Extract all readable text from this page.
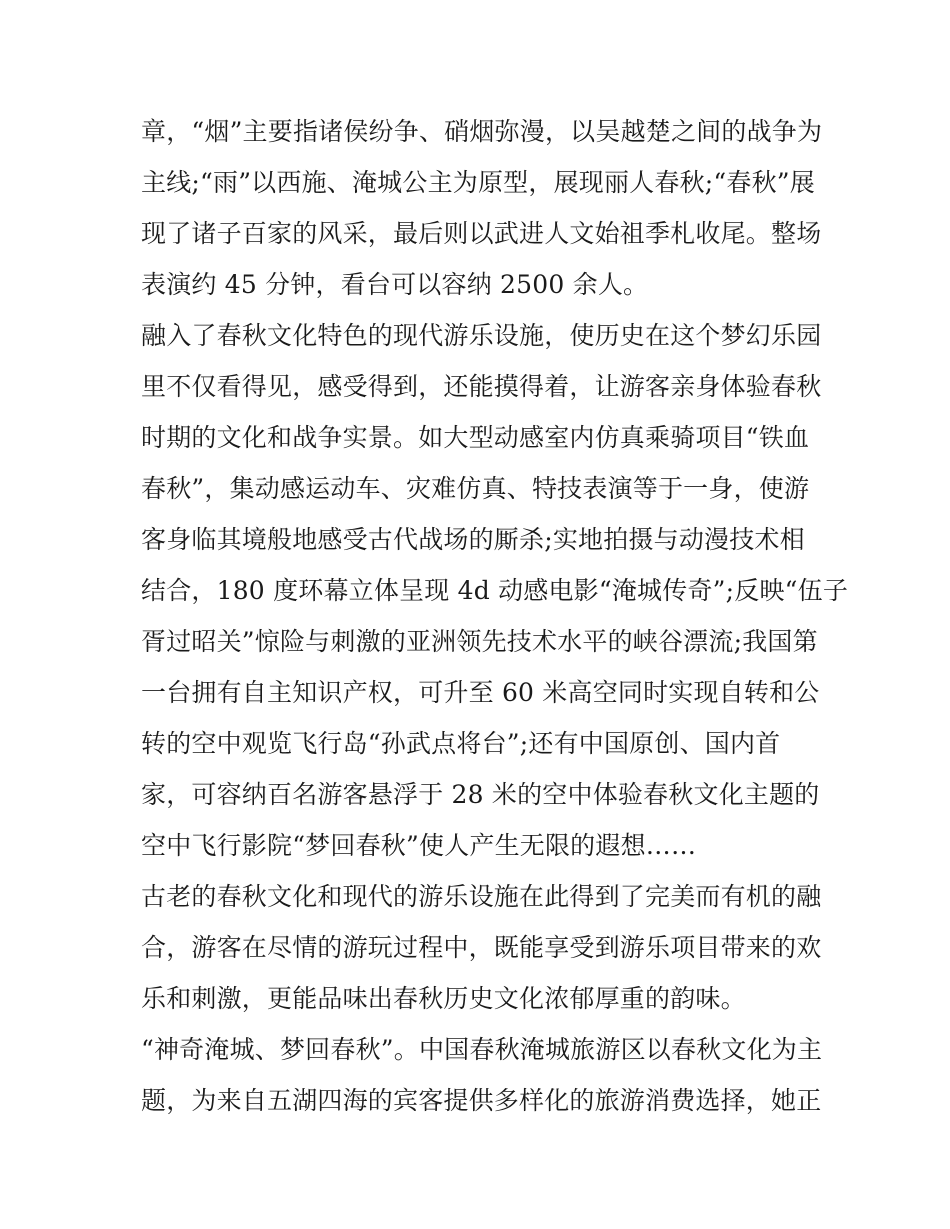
章，“烟”主要指诸侯纷争、硝烟弥漫，以吴越楚之间的战争为
主线;“雨”以西施、淹城公主为原型，展现丽人春秋;“春秋”展
现了诸子百家的风采，最后则以武进人文始祖季札收尾。整场
表演约 45 分钟，看台可以容纳 2500 余人。
融入了春秋文化特色的现代游乐设施，使历史在这个梦幻乐园
里不仅看得见，感受得到，还能摸得着，让游客亲身体验春秋
时期的文化和战争实景。如大型动感室内仿真乘骑项目“铁血
春秋”，集动感运动车、灾难仿真、特技表演等于一身，使游
客身临其境般地感受古代战场的厮杀;实地拍摄与动漫技术相
结合，180 度环幕立体呈现 4d 动感电影“淹城传奇”;反映“伍子
胥过昭关”惊险与刺激的亚洲领先技术水平的峡谷漂流;我国第
一台拥有自主知识产权，可升至 60 米高空同时实现自转和公
转的空中观览飞行岛“孙武点将台”;还有中国原创、国内首
家，可容纳百名游客悬浮于 28 米的空中体验春秋文化主题的
空中飞行影院“梦回春秋”使人产生无限的遐想……
古老的春秋文化和现代的游乐设施在此得到了完美而有机的融
合，游客在尽情的游玩过程中，既能享受到游乐项目带来的欢
乐和刺激，更能品味出春秋历史文化浓郁厚重的韵味。
“神奇淹城、梦回春秋”。中国春秋淹城旅游区以春秋文化为主
题，为来自五湖四海的宾客提供多样化的旅游消费选择，她正
